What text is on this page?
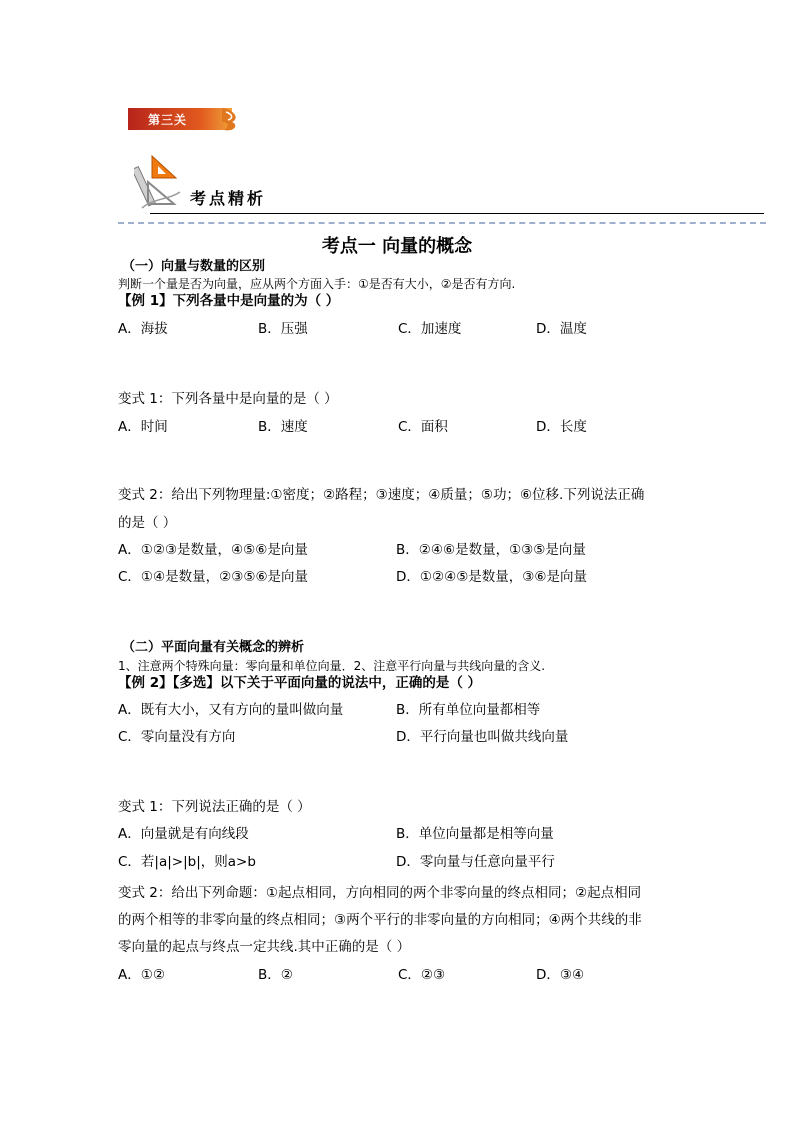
第三关
考点精析
考点一 向量的概念
（一）向量与数量的区别
判断一个量是否为向量，应从两个方面入手：①是否有大小，②是否有方向.
【例 1】下列各量中是向量的为（ ）
A．海拔	B．压强	C．加速度	D．温度
变式 1：下列各量中是向量的是（ ）
A．时间	B．速度	C．面积	D．长度
变式 2：给出下列物理量:①密度；②路程；③速度；④质量；⑤功；⑥位移.下列说法正确
的是（ ）
A．①②③是数量，④⑤⑥是向量	B．②④⑥是数量，①③⑤是向量
C．①④是数量，②③⑤⑥是向量	D．①②④⑤是数量，③⑥是向量
（二）平面向量有关概念的辨析
1、注意两个特殊向量：零向量和单位向量．2、注意平行向量与共线向量的含义.
【例 2】【多选】以下关于平面向量的说法中，正确的是（ ）
A．既有大小，又有方向的量叫做向量	B．所有单位向量都相等
C．零向量没有方向	D．平行向量也叫做共线向量
变式 1：下列说法正确的是（ ）
A．向量就是有向线段	B．单位向量都是相等向量
C．若|a|>|b|，则a>b	D．零向量与任意向量平行
变式 2：给出下列命题：①起点相同，方向相同的两个非零向量的终点相同；②起点相同
的两个相等的非零向量的终点相同；③两个平行的非零向量的方向相同；④两个共线的非
零向量的起点与终点一定共线.其中正确的是（ ）
A．①②	B．②	C．②③	D．③④
